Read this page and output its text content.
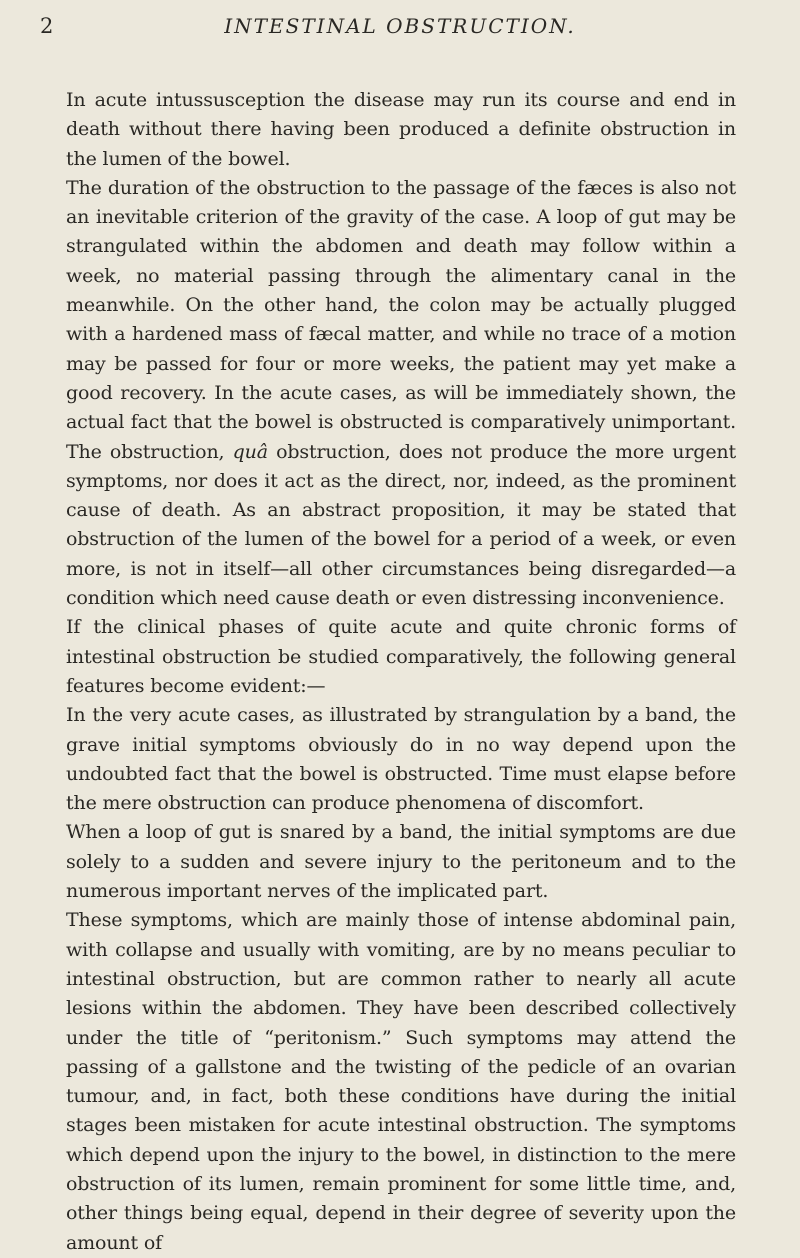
2	INTESTINAL OBSTRUCTION.

In acute intussusception the disease may run its course and end in death without there having been produced a definite obstruction in the lumen of the bowel.

The duration of the obstruction to the passage of the fæces is also not an inevitable criterion of the gravity of the case. A loop of gut may be strangulated within the abdomen and death may follow within a week, no material passing through the alimentary canal in the meanwhile. On the other hand, the colon may be actually plugged with a hardened mass of fæcal matter, and while no trace of a motion may be passed for four or more weeks, the patient may yet make a good recovery. In the acute cases, as will be immediately shown, the actual fact that the bowel is obstructed is comparatively unimportant. The obstruction, quâ obstruction, does not produce the more urgent symptoms, nor does it act as the direct, nor, indeed, as the prominent cause of death. As an abstract proposition, it may be stated that obstruction of the lumen of the bowel for a period of a week, or even more, is not in itself—all other circumstances being disregarded—a condition which need cause death or even distressing inconvenience.

If the clinical phases of quite acute and quite chronic forms of intestinal obstruction be studied comparatively, the following general features become evident:—

In the very acute cases, as illustrated by strangulation by a band, the grave initial symptoms obviously do in no way depend upon the undoubted fact that the bowel is obstructed. Time must elapse before the mere obstruction can produce phenomena of discomfort.

When a loop of gut is snared by a band, the initial symptoms are due solely to a sudden and severe injury to the peritoneum and to the numerous important nerves of the implicated part.

These symptoms, which are mainly those of intense abdominal pain, with collapse and usually with vomiting, are by no means peculiar to intestinal obstruction, but are common rather to nearly all acute lesions within the abdomen. They have been described collectively under the title of “peritonism.” Such symptoms may attend the passing of a gallstone and the twisting of the pedicle of an ovarian tumour, and, in fact, both these conditions have during the initial stages been mistaken for acute intestinal obstruction. The symptoms which depend upon the injury to the bowel, in distinction to the mere obstruction of its lumen, remain prominent for some little time, and, other things being equal, depend in their degree of severity upon the amount of
